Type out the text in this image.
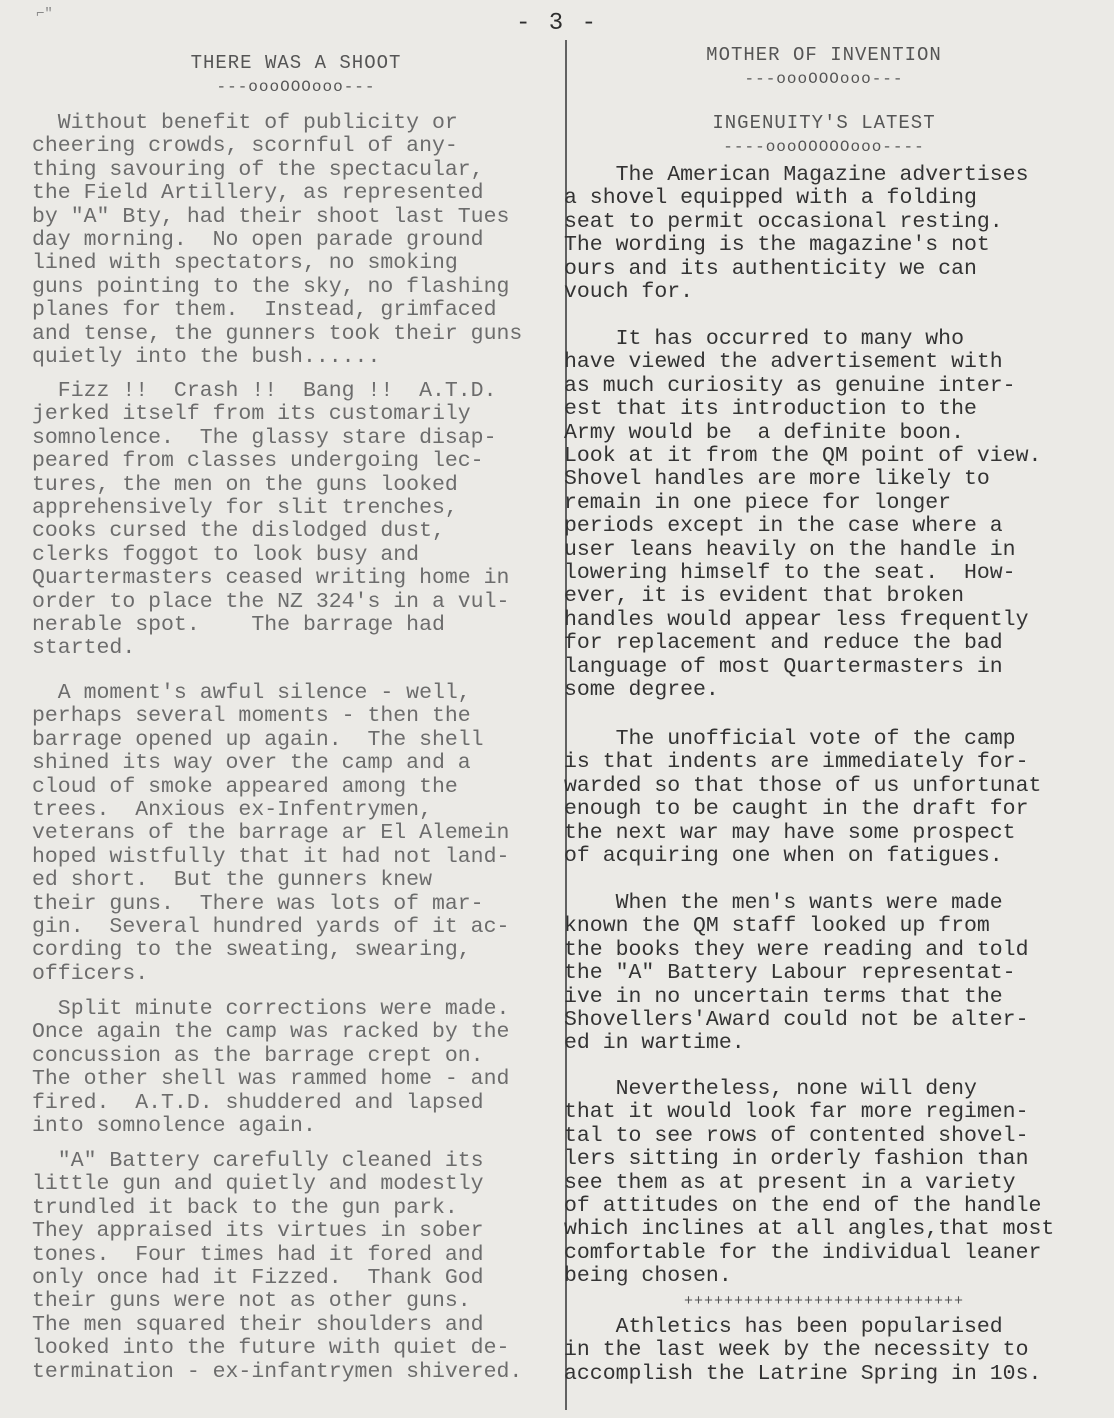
- 3 -
⌐"
THERE WAS A SHOOT
---oooOOOooo---
Without benefit of publicity or
cheering crowds, scornful of any-
thing savouring of the spectacular,
the Field Artillery, as represented
by "A" Bty, had their shoot last Tues
day morning.  No open parade ground
lined with spectators, no smoking
guns pointing to the sky, no flashing
planes for them.  Instead, grimfaced
and tense, the gunners took their guns
quietly into the bush......
Fizz !!  Crash !!  Bang !!  A.T.D.
jerked itself from its customarily
somnolence.  The glassy stare disap-
peared from classes undergoing lec-
tures, the men on the guns looked
apprehensively for slit trenches,
cooks cursed the dislodged dust,
clerks foggot to look busy and
Quartermasters ceased writing home in
order to place the NZ 324's in a vul-
nerable spot.    The barrage had
started.
A moment's awful silence - well,
perhaps several moments - then the
barrage opened up again.  The shell
shined its way over the camp and a
cloud of smoke appeared among the
trees.  Anxious ex-Infentrymen,
veterans of the barrage ar El Alemein
hoped wistfully that it had not land-
ed short.  But the gunners knew
their guns.  There was lots of mar-
gin.  Several hundred yards of it ac-
cording to the sweating, swearing,
officers.
Split minute corrections were made.
Once again the camp was racked by the
concussion as the barrage crept on.
The other shell was rammed home - and
fired.  A.T.D. shuddered and lapsed
into somnolence again.
"A" Battery carefully cleaned its
little gun and quietly and modestly
trundled it back to the gun park.
They appraised its virtues in sober
tones.  Four times had it fored and
only once had it Fizzed.  Thank God
their guns were not as other guns.
The men squared their shoulders and
looked into the future with quiet de-
termination - ex-infantrymen shivered.
MOTHER OF INVENTION
---oooOOOooo---
INGENUITY'S LATEST
----oooOOOOOooo----
The American Magazine advertises
a shovel equipped with a folding
seat to permit occasional resting.
The wording is the magazine's not
ours and its authenticity we can
vouch for.
It has occurred to many who
have viewed the advertisement with
as much curiosity as genuine inter-
est that its introduction to the
Army would be  a definite boon.
Look at it from the QM point of view.
Shovel handles are more likely to
remain in one piece for longer
periods except in the case where a
user leans heavily on the handle in
lowering himself to the seat.  How-
ever, it is evident that broken
handles would appear less frequently
for replacement and reduce the bad
language of most Quartermasters in
some degree.
The unofficial vote of the camp
is that indents are immediately for-
warded so that those of us unfortunat
enough to be caught in the draft for
the next war may have some prospect
of acquiring one when on fatigues.
When the men's wants were made
known the QM staff looked up from
the books they were reading and told
the "A" Battery Labour representat-
ive in no uncertain terms that the
Shovellers'Award could not be alter-
ed in wartime.
Nevertheless, none will deny
that it would look far more regimen-
tal to see rows of contented shovel-
lers sitting in orderly fashion than
see them as at present in a variety
of attitudes on the end of the handle
which inclines at all angles,that most
comfortable for the individual leaner
being chosen.
++++++++++++++++++++++++++++
Athletics has been popularised
in the last week by the necessity to
accomplish the Latrine Spring in 10s.
